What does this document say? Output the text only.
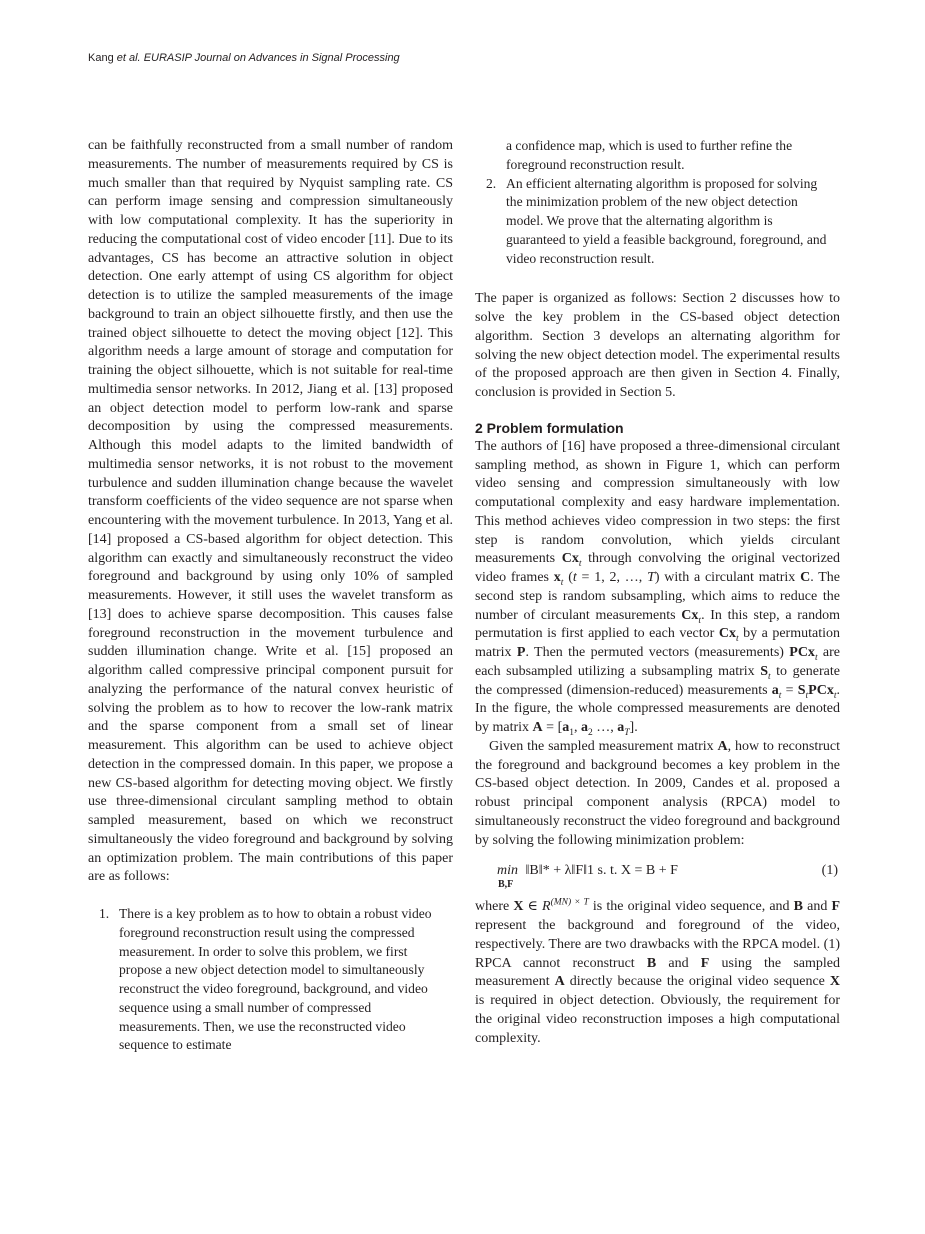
Kang et al. EURASIP Journal on Advances in Signal Processing

can be faithfully reconstructed from a small number of random measurements. The number of measurements required by CS is much smaller than that required by Nyquist sampling rate. CS can perform image sensing and compression simultaneously with low computational complexity. It has the superiority in reducing the computational cost of video encoder [11]. Due to its advantages, CS has become an attractive solution in object detection. One early attempt of using CS algorithm for object detection is to utilize the sampled measurements of the image background to train an object silhouette firstly, and then use the trained object silhouette to detect the moving object [12]. This algorithm needs a large amount of storage and computation for training the object silhouette, which is not suitable for real-time multimedia sensor networks. In 2012, Jiang et al. [13] proposed an object detection model to perform low-rank and sparse decomposition by using the compressed measurements. Although this model adapts to the limited bandwidth of multimedia sensor networks, it is not robust to the movement turbulence and sudden illumination change because the wavelet transform coefficients of the video sequence are not sparse when encountering with the movement turbulence. In 2013, Yang et al. [14] proposed a CS-based algorithm for object detection. This algorithm can exactly and simultaneously reconstruct the video foreground and background by using only 10% of sampled measurements. However, it still uses the wavelet transform as [13] does to achieve sparse decomposition. This causes false foreground reconstruction in the movement turbulence and sudden illumination change. Write et al. [15] proposed an algorithm called compressive principal component pursuit for analyzing the performance of the natural convex heuristic of solving the problem as to how to recover the low-rank matrix and the sparse component from a small set of linear measurement. This algorithm can be used to achieve object detection in the compressed domain. In this paper, we propose a new CS-based algorithm for detecting moving object. We firstly use three-dimensional circulant sampling method to obtain sampled measurement, based on which we reconstruct simultaneously the video foreground and background by solving an optimization problem. The main contributions of this paper are as follows:

1. There is a key problem as to how to obtain a robust video foreground reconstruction result using the compressed measurement. In order to solve this problem, we first propose a new object detection model to simultaneously reconstruct the video foreground, background, and video sequence using a small number of compressed measurements. Then, we use the reconstructed video sequence to estimate
a confidence map, which is used to further refine the foreground reconstruction result.
2. An efficient alternating algorithm is proposed for solving the minimization problem of the new object detection model. We prove that the alternating algorithm is guaranteed to yield a feasible background, foreground, and video reconstruction result.

The paper is organized as follows: Section 2 discusses how to solve the key problem in the CS-based object detection algorithm. Section 3 develops an alternating algorithm for solving the new object detection model. The experimental results of the proposed approach are then given in Section 4. Finally, conclusion is provided in Section 5.

2 Problem formulation

The authors of [16] have proposed a three-dimensional circulant sampling method, as shown in Figure 1, which can perform video sensing and compression simultaneously with low computational complexity and easy hardware implementation. This method achieves video compression in two steps: the first step is random convolution, which yields circulant measurements $Cx_t$ through convolving the original vectorized video frames $x_t$ (t = 1, 2, …, T) with a circulant matrix C. The second step is random subsampling, which aims to reduce the number of circulant measurements $Cx_t$. In this step, a random permutation is first applied to each vector $Cx_t$ by a permutation matrix P. Then the permuted vectors (measurements) PCx$_t$ are each subsampled utilizing a subsampling matrix $S_t$ to generate the compressed (dimension-reduced) measurements $a_t = S_tPCx_t$. In the figure, the whole compressed measurements are denoted by matrix $A = [a_1$, $a_2$ …, $a_T$].

Given the sampled measurement matrix A, how to reconstruct the foreground and background becomes a key problem in the CS-based object detection. In 2009, Candes et al. proposed a robust principal component analysis (RPCA) model to simultaneously reconstruct the video foreground and background by solving the following minimization problem:

min
B,F
‖B‖* + λ‖F‖1 s. t. X = B + F	(1)

where X ∈ $R^{(MN) \times T}$ is the original video sequence, and B and F represent the background and foreground of the video, respectively. There are two drawbacks with the RPCA model. (1) RPCA cannot reconstruct B and F using the sampled measurement A directly because the original video sequence X is required in object detection. Obviously, the requirement for the original video reconstruction imposes a high computational complexity.
